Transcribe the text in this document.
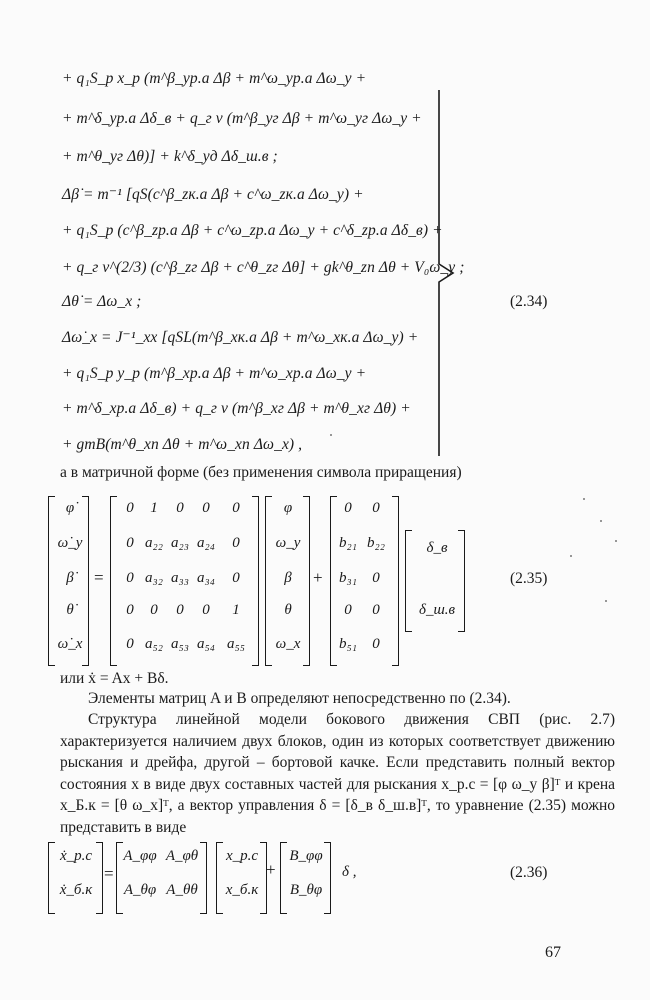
+ q₁S_p x_p (m^β_yp.a Δβ + m^ω_yp.a Δω_y +
+ m^δ_yp.a Δδ_в + q_г v (m^β_yг Δβ + m^ω_yг Δω_y +
+ m^θ_yг Δθ)] + k^δ_yд Δδ_ш.в ;
Δβ̇ = m⁻¹ [qS(c^β_zк.a Δβ + c^ω_zк.a Δω_y) +
+ q₁S_p (c^β_zp.a Δβ + c^ω_zp.a Δω_y + c^δ_zp.a Δδ_в) +
+ q_г v^(2/3) (c^β_zг Δβ + c^θ_zг Δθ] + gk^θ_zп Δθ + V₀ω_y ;
Δθ̇ = Δω_x ;
Δω̇_x = J⁻¹_xx [qSL(m^β_xк.a Δβ + m^ω_xк.a Δω_y) +
+ q₁S_p y_p (m^β_xp.a Δβ + m^ω_xp.a Δω_y +
+ m^δ_xp.a Δδ_в) + q_г v (m^β_xг Δβ + m^θ_xг Δθ) +
+ gmB(m^θ_xп Δθ + m^ω_xп Δω_x) ,
(2.34)
а в матричной форме (без применения символа приращения)
φ̇
ω̇_y
β̇
θ̇
ω̇_x
=
0	1	0	0	0
0 a₂₂ a₂₃ a₂₄	0
0 a₃₂ a₃₃ a₃₄	0
0	0	0	0	1
0 a₅₂ a₅₃ a₅₄ a₅₅
φ
ω_y
β
θ
ω_x
+
0	0
b₂₁ b₂₂
b₃₁	0
0	0
b₅₁	0
δ_в
δ_ш.в
(2.35)
или ẋ = Ax + Bδ.
Элементы матриц A и B определяют непосредственно по (2.34).
Структура линейной модели бокового движения СВП (рис. 2.7) характеризуется наличием двух блоков, один из которых соответствует движению рыскания и дрейфа, другой – бортовой качке. Если представить полный вектор состояния x в виде двух составных частей для рыскания x_p.c = [φ ω_y β]ᵀ и крена x_Б.к = [θ ω_x]ᵀ, а вектор управления δ = [δ_в δ_ш.в]ᵀ, то уравнение (2.35) можно представить в виде
ẋ_p.c
ẋ_б.к
=
A_φφ A_φθ
A_θφ A_θθ
x_p.c
x_б.к
+
B_φφ
B_θφ
δ ,	(2.36)
67
